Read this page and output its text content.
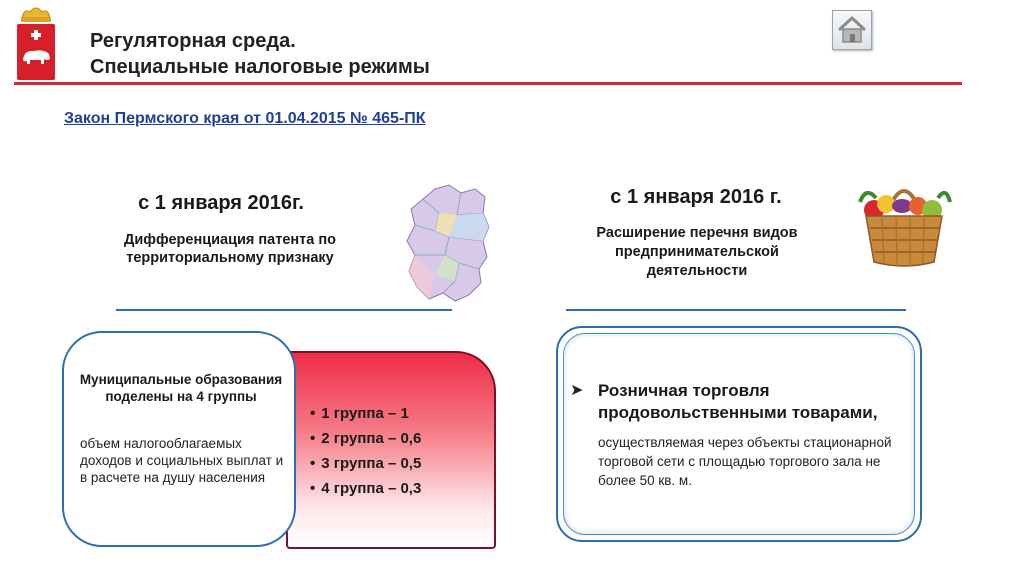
Регуляторная среда.
Специальные налоговые режимы
Закон Пермского края от 01.04.2015 № 465-ПК
с 1 января 2016г.
Дифференциация патента по территориальному признаку
• 1 группа – 1
• 2 группа – 0,6
• 3 группа – 0,5
• 4 группа – 0,3
Муниципальные образования поделены на 4 группы
объем налогооблагаемых доходов и социальных выплат и в расчете на душу населения
с 1 января 2016 г.
Расширение перечня видов предпринимательской деятельности
➤ Розничная торговля продовольственными товарами,
осуществляемая через объекты стационарной торговой сети с площадью торгового зала не более 50 кв. м.
